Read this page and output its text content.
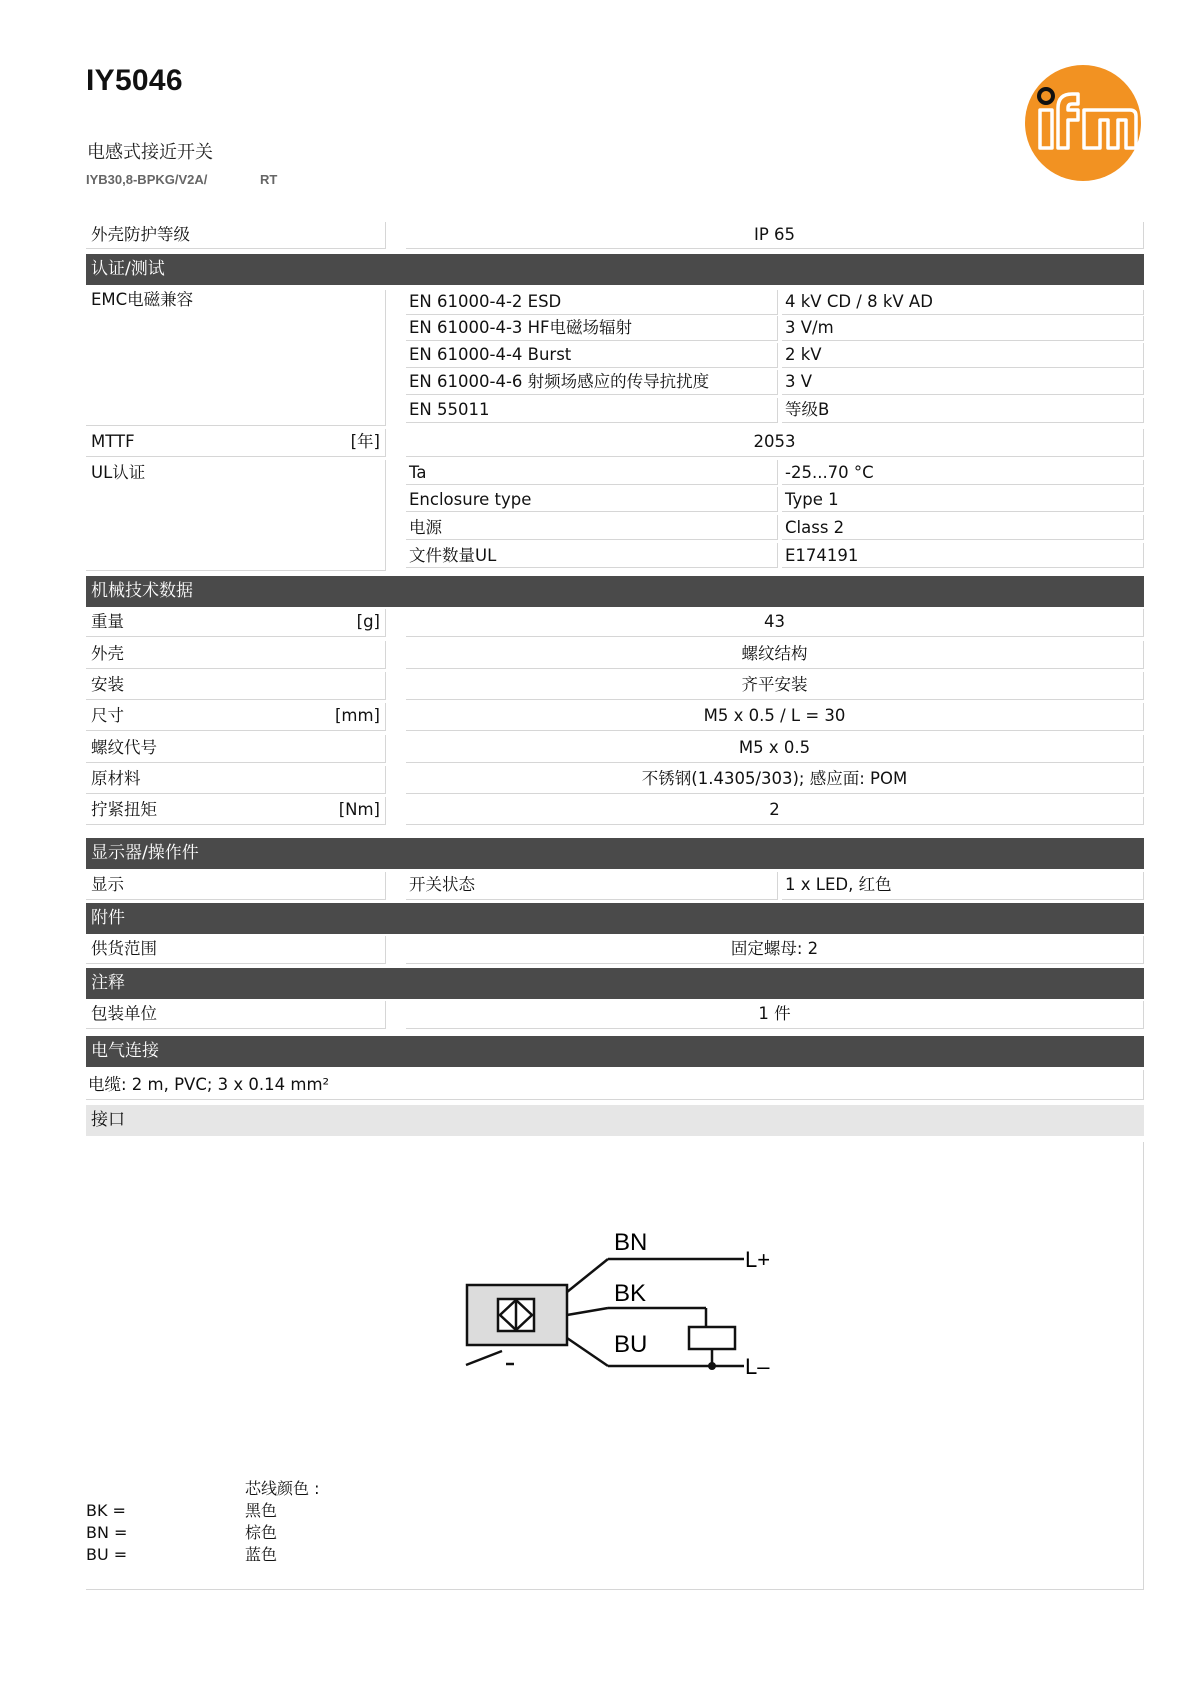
IY5046
电感式接近开关
IYB30,8-BPKG/V2A/	RT
外壳防护等级	IP 65
认证/测试
EMC电磁兼容	EN 61000-4-2 ESD	4 kV CD / 8 kV AD
EN 61000-4-3 HF电磁场辐射	3 V/m
EN 61000-4-4 Burst	2 kV
EN 61000-4-6 射频场感应的传导抗扰度	3 V
EN 55011	等级B
MTTF	[年]	2053
UL认证	Ta	-25...70 °C
Enclosure type	Type 1
电源	Class 2
文件数量UL	E174191
机械技术数据
重量	[g]	43
外壳	螺纹结构
安装	齐平安装
尺寸	[mm]	M5 x 0.5 / L = 30
螺纹代号	M5 x 0.5
原材料	不锈钢(1.4305/303); 感应面: POM
拧紧扭矩	[Nm]	2
显示器/操作件
显示	开关状态	1 x LED, 红色
附件
供货范围	固定螺母: 2
注释
包装单位	1 件
电气连接
电缆: 2 m, PVC; 3 x 0.14 mm²
接口
BN
BK
BU
L+
L–
芯线颜色 :
BK =	黑色
BN =	棕色
BU =	蓝色
